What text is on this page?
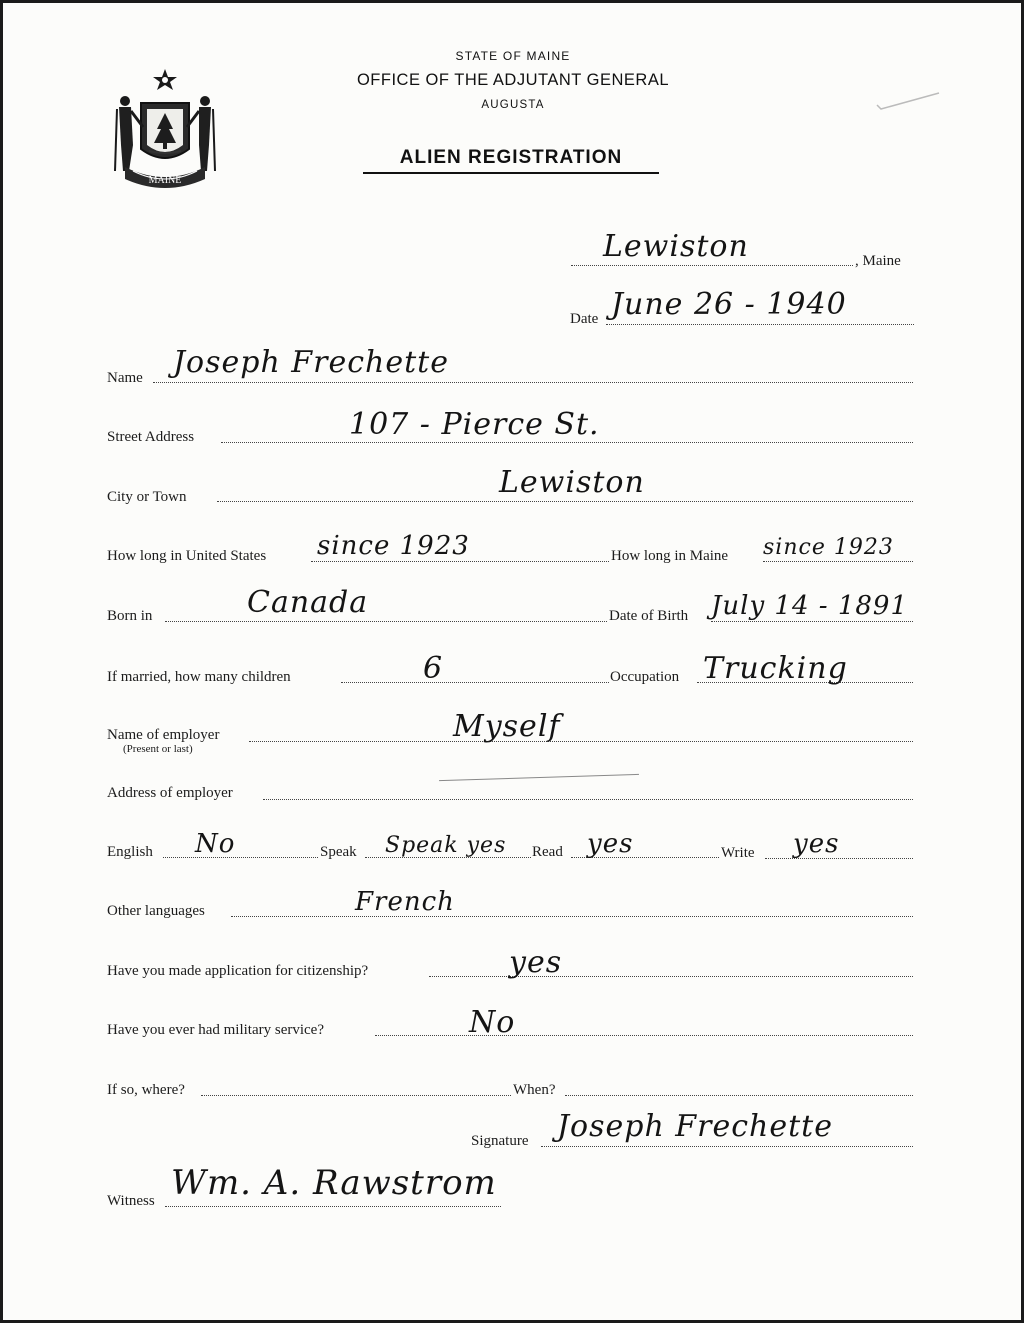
MAINE
STATE OF MAINE
OFFICE OF THE ADJUTANT GENERAL
AUGUSTA
ALIEN REGISTRATION
Lewiston	, Maine
Date June 26 - 1940
Name Joseph Frechette
Street Address	107 - Pierce St.
City or Town	Lewiston
How long in United States since 1923	How long in Maine since 1923
Born in	Canada	Date of Birth July 14 - 1891
If married, how many children	6	Occupation Trucking
Name of employer
(Present or last)
Myself
Address of employer
English No	Speak Speak yes Read yes	Write yes
Other languages	French
Have you made application for citizenship?	yes
Have you ever had military service?	No
If so, where?	When?
Signature Joseph Frechette
Witness Wm. A. Rawstrom
